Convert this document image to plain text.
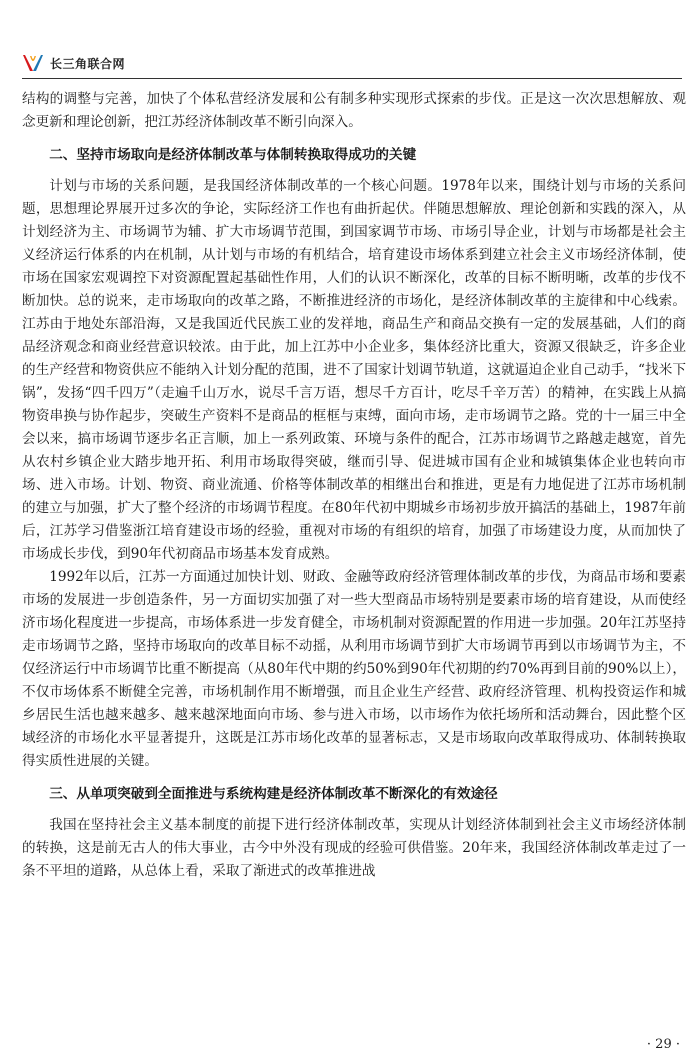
长三角联合网

结构的调整与完善，加快了个体私营经济发展和公有制多种实现形式探索的步伐。正是这一次次思想解放、观念更新和理论创新，把江苏经济体制改革不断引向深入。

二、坚持市场取向是经济体制改革与体制转换取得成功的关键

计划与市场的关系问题，是我国经济体制改革的一个核心问题。1978年以来，围绕计划与市场的关系问题，思想理论界展开过多次的争论，实际经济工作也有曲折起伏。伴随思想解放、理论创新和实践的深入，从计划经济为主、市场调节为辅、扩大市场调节范围，到国家调节市场、市场引导企业，计划与市场都是社会主义经济运行体系的内在机制，从计划与市场的有机结合，培育建设市场体系到建立社会主义市场经济体制，使市场在国家宏观调控下对资源配置起基础性作用，人们的认识不断深化，改革的目标不断明晰，改革的步伐不断加快。总的说来，走市场取向的改革之路，不断推进经济的市场化，是经济体制改革的主旋律和中心线索。江苏由于地处东部沿海，又是我国近代民族工业的发祥地，商品生产和商品交换有一定的发展基础，人们的商品经济观念和商业经营意识较浓。由于此，加上江苏中小企业多，集体经济比重大，资源又很缺乏，许多企业的生产经营和物资供应不能纳入计划分配的范围，进不了国家计划调节轨道，这就逼迫企业自己动手，“找米下锅”，发扬“四千四万”（走遍千山万水，说尽千言万语，想尽千方百计，吃尽千辛万苦）的精神，在实践上从搞物资串换与协作起步，突破生产资料不是商品的框框与束缚，面向市场，走市场调节之路。党的十一届三中全会以来，搞市场调节逐步名正言顺，加上一系列政策、环境与条件的配合，江苏市场调节之路越走越宽，首先从农村乡镇企业大踏步地开拓、利用市场取得突破，继而引导、促进城市国有企业和城镇集体企业也转向市场、进入市场。计划、物资、商业流通、价格等体制改革的相继出台和推进，更是有力地促进了江苏市场机制的建立与加强，扩大了整个经济的市场调节程度。在80年代初中期城乡市场初步放开搞活的基础上，1987年前后，江苏学习借鉴浙江培育建设市场的经验，重视对市场的有组织的培育，加强了市场建设力度，从而加快了市场成长步伐，到90年代初商品市场基本发育成熟。

1992年以后，江苏一方面通过加快计划、财政、金融等政府经济管理体制改革的步伐，为商品市场和要素市场的发展进一步创造条件，另一方面切实加强了对一些大型商品市场特别是要素市场的培育建设，从而使经济市场化程度进一步提高，市场体系进一步发育健全，市场机制对资源配置的作用进一步加强。20年江苏坚持走市场调节之路，坚持市场取向的改革目标不动摇，从利用市场调节到扩大市场调节再到以市场调节为主，不仅经济运行中市场调节比重不断提高（从80年代中期的约50%到90年代初期的约70%再到目前的90%以上），不仅市场体系不断健全完善，市场机制作用不断增强，而且企业生产经营、政府经济管理、机构投资运作和城乡居民生活也越来越多、越来越深地面向市场、参与进入市场，以市场作为依托场所和活动舞台，因此整个区域经济的市场化水平显著提升，这既是江苏市场化改革的显著标志，又是市场取向改革取得成功、体制转换取得实质性进展的关键。

三、从单项突破到全面推进与系统构建是经济体制改革不断深化的有效途径

我国在坚持社会主义基本制度的前提下进行经济体制改革，实现从计划经济体制到社会主义市场经济体制的转换，这是前无古人的伟大事业，古今中外没有现成的经验可供借鉴。20年来，我国经济体制改革走过了一条不平坦的道路，从总体上看，采取了渐进式的改革推进战

· 29 ·
